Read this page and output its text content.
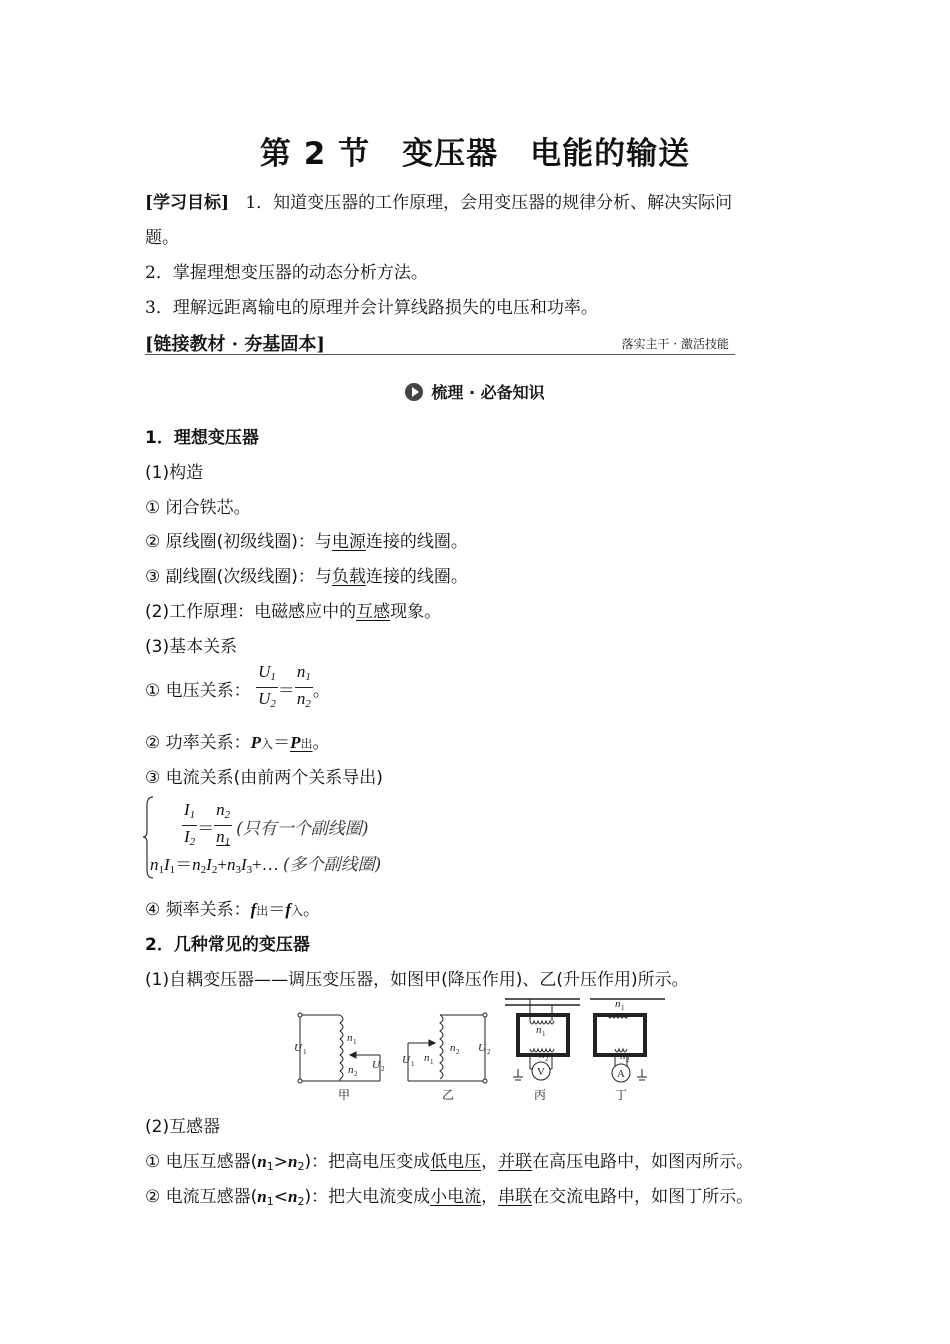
第 2 节　变压器　电能的输送
[学习目标] 1．知道变压器的工作原理，会用变压器的规律分析、解决实际问
题。
2．掌握理想变压器的动态分析方法。
3．理解远距离输电的原理并会计算线路损失的电压和功率。
[链接教材 · 夯基固本]	落实主干 · 激活技能
梳理 · 必备知识
1．理想变压器
(1)构造
① 闭合铁芯。
② 原线圈(初级线圈)：与电源连接的线圈。
③ 副线圈(次级线圈)：与负载连接的线圈。
(2)工作原理：电磁感应中的互感现象。
(3)基本关系
① 电压关系： $\frac{U_1}{U_2} = \frac{n_1}{n_2}$ 。
② 功率关系：P入＝P出。
③ 电流关系(由前两个关系导出)
$\frac{I_1}{I_2} = \frac{n_2}{n_1}$ (只有一个副线圈)
$n_1I_1=n_2I_2+n_3I_3+\dots$ (多个副线圈)
④ 频率关系：f出＝f入。
2．几种常见的变压器
(1)自耦变压器——调压变压器，如图甲(降压作用)、乙(升压作用)所示。
U 1
U 2
n 1
n 2
U 1
U 2
n 1
n 2
n 1
n 2
V
n 1
n 2
A
甲	乙	丙	丁
(2)互感器
① 电压互感器$(n_1>n_2)$：把高电压变成低电压，并联在高压电路中，如图丙所示。
② 电流互感器$(n_1<n_2)$：把大电流变成小电流，串联在交流电路中，如图丁所示。
